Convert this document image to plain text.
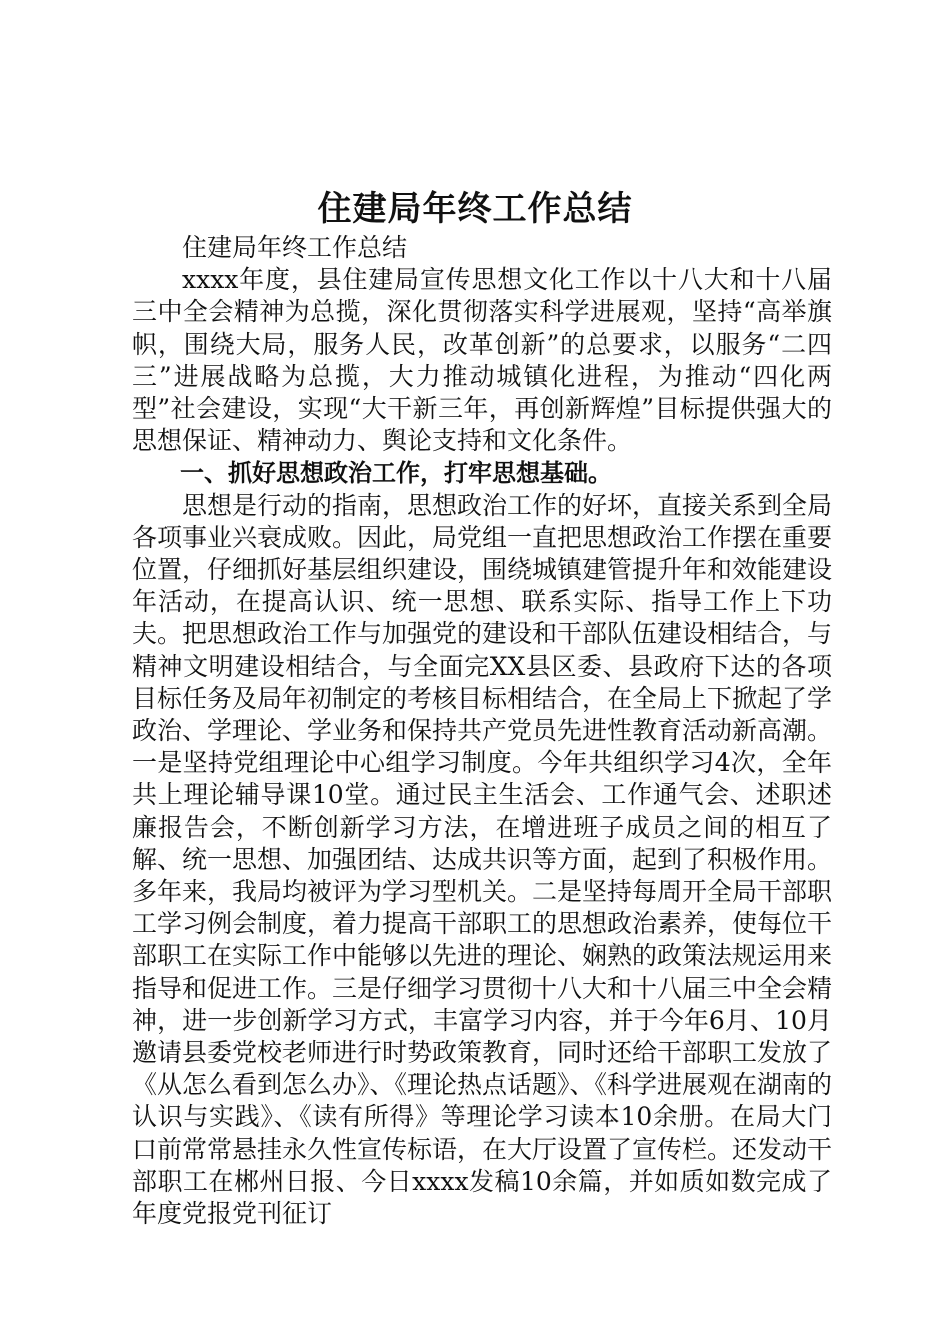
住建局年终工作总结

住建局年终工作总结

xxxx年度，县住建局宣传思想文化工作以十八大和十八届三中全会精神为总揽，深化贯彻落实科学进展观，坚持“高举旗帜，围绕大局，服务人民，改革创新”的总要求，以服务“二四三”进展战略为总揽，大力推动城镇化进程，为推动“四化两型”社会建设，实现“大干新三年，再创新辉煌”目标提供强大的思想保证、精神动力、舆论支持和文化条件。

一、抓好思想政治工作，打牢思想基础。

思想是行动的指南，思想政治工作的好坏，直接关系到全局各项事业兴衰成败。因此，局党组一直把思想政治工作摆在重要位置，仔细抓好基层组织建设，围绕城镇建管提升年和效能建设年活动，在提高认识、统一思想、联系实际、指导工作上下功夫。把思想政治工作与加强党的建设和干部队伍建设相结合，与精神文明建设相结合，与全面完XX县区委、县政府下达的各项目标任务及局年初制定的考核目标相结合，在全局上下掀起了学政治、学理论、学业务和保持共产党员先进性教育活动新高潮。一是坚持党组理论中心组学习制度。今年共组织学习4次，全年共上理论辅导课10堂。通过民主生活会、工作通气会、述职述廉报告会，不断创新学习方法，在增进班子成员之间的相互了解、统一思想、加强团结、达成共识等方面，起到了积极作用。多年来，我局均被评为学习型机关。二是坚持每周开全局干部职工学习例会制度，着力提高干部职工的思想政治素养，使每位干部职工在实际工作中能够以先进的理论、娴熟的政策法规运用来指导和促进工作。三是仔细学习贯彻十八大和十八届三中全会精神，进一步创新学习方式，丰富学习内容，并于今年6月、10月邀请县委党校老师进行时势政策教育，同时还给干部职工发放了《从怎么看到怎么办》、《理论热点话题》、《科学进展观在湖南的认识与实践》、《读有所得》等理论学习读本10余册。在局大门口前常常悬挂永久性宣传标语，在大厅设置了宣传栏。还发动干部职工在郴州日报、今日xxxx发稿10余篇，并如质如数完成了年度党报党刊征订
